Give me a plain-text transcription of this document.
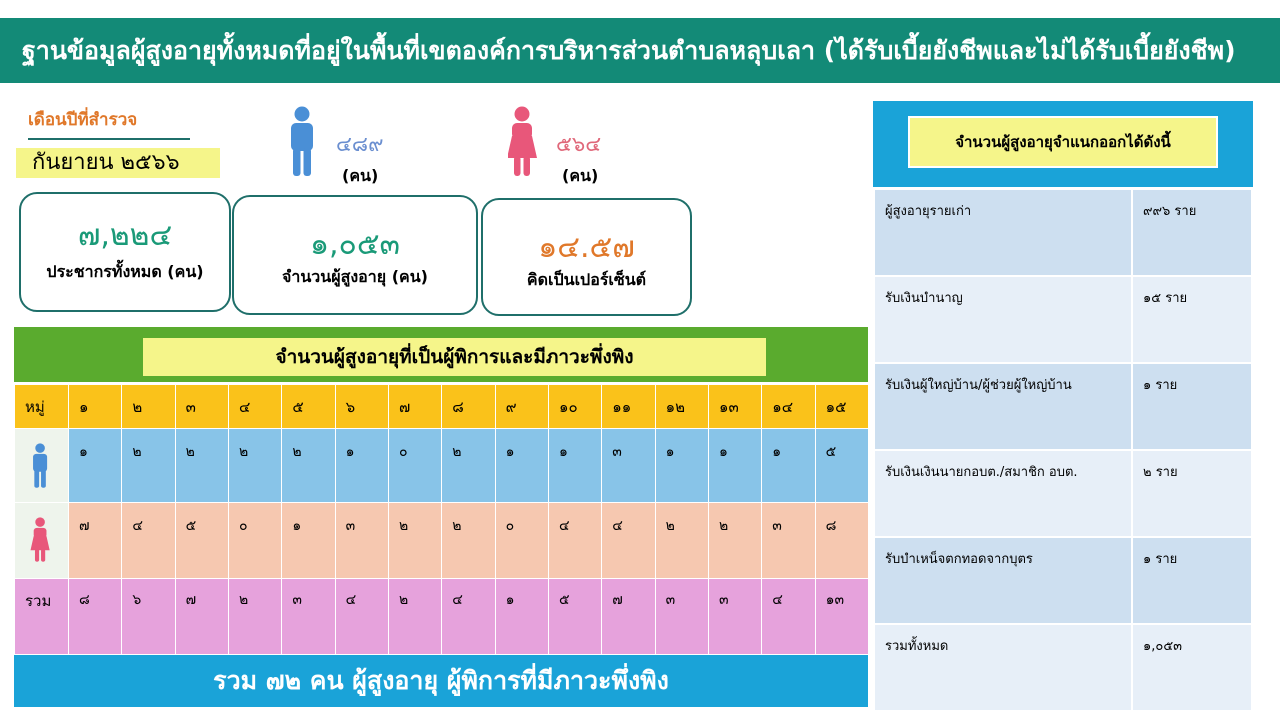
ฐานข้อมูลผู้สูงอายุทั้งหมดที่อยู่ในพื้นที่เขตองค์การบริหารส่วนตำบลหลุบเลา (ได้รับเบี้ยยังชีพและไม่ได้รับเบี้ยยังชีพ)
เดือนปีที่สำรวจ
กันยายน ๒๕๖๖
๔๘๙
(คน)
๕๖๔
(คน)
๗,๒๒๔
ประชากรทั้งหมด (คน)
๑,๐๕๓
จำนวนผู้สูงอายุ (คน)
๑๔.๕๗
คิดเป็นเปอร์เซ็นต์
จำนวนผู้สูงอายุที่เป็นผู้พิการและมีภาวะพึ่งพิง
หมู่	๑	๒	๓	๔	๕	๖	๗	๘	๙	๑๐	๑๑	๑๒	๑๓	๑๔	๑๕

	๑	๒	๒	๒	๒	๑	๐	๒	๑	๑	๓	๑	๑	๑	๕

	๗	๔	๕	๐	๑	๓	๒	๒	๐	๔	๔	๒	๒	๓	๘
รวม	๘	๖	๗	๒	๓	๔	๒	๔	๑	๕	๗	๓	๓	๔	๑๓
รวม ๗๒ คน ผู้สูงอายุ ผู้พิการที่มีภาวะพึ่งพิง
จำนวนผู้สูงอายุจำแนกออกได้ดังนี้
ผู้สูงอายุรายเก่า	๙๙๖ ราย
รับเงินบำนาญ	๑๕ ราย
รับเงินผู้ใหญ่บ้าน/ผู้ช่วยผู้ใหญ่บ้าน	๑ ราย
รับเงินเงินนายกอบต./สมาชิก อบต.	๒ ราย
รับบำเหน็จตกทอดจากบุตร	๑ ราย
รวมทั้งหมด	๑,๐๕๓
